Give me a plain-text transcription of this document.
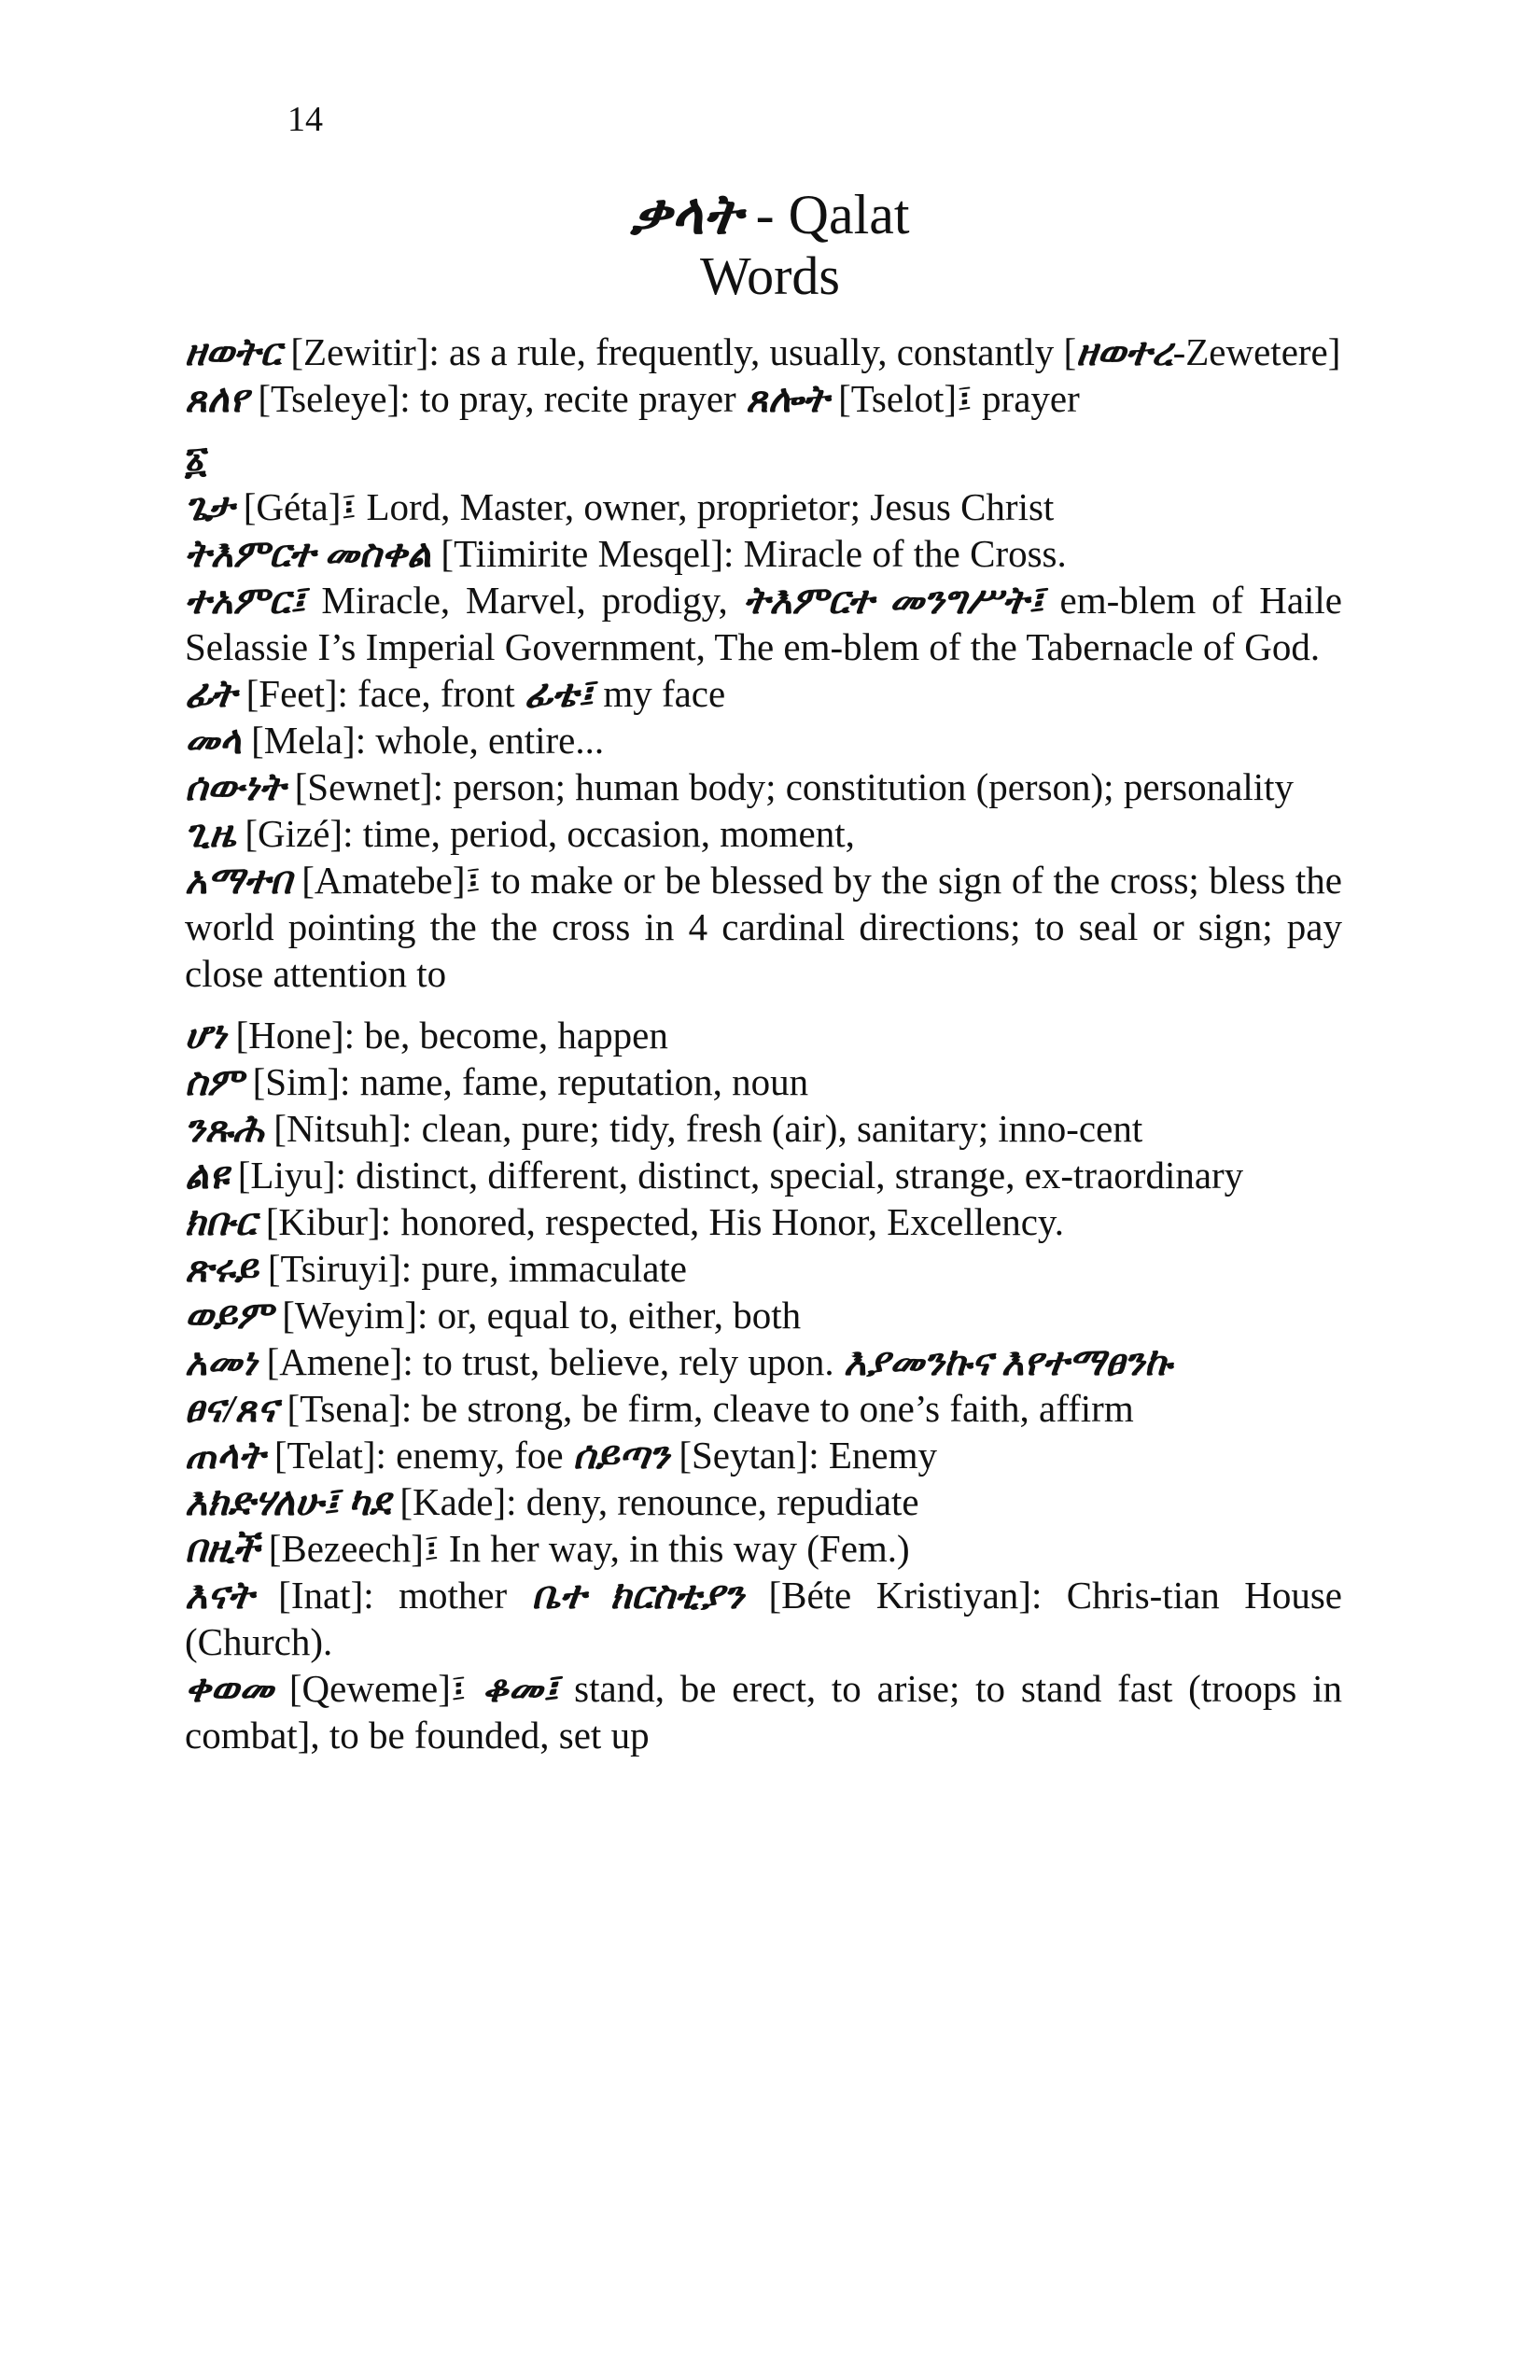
14
ቃላት - Qalat
Words

ዘወትር [Zewitir]: as a rule, frequently, usually, constantly [ዘወተረ-Zewetere]

ጸለየ [Tseleye]: to pray, recite prayer ጸሎት [Tselot]፤ prayer

፩

ጌታ [Géta]፤ Lord, Master, owner, proprietor; Jesus Christ

ትእምርተ መስቀል [Tiimirite Mesqel]: Miracle of the Cross.

ተአምር፤ Miracle, Marvel, prodigy, ትእምርተ መንግሥት፤ em-blem of Haile Selassie I’s Imperial Government, The em-blem of the Tabernacle of God.

ፊት [Feet]: face, front ፊቴ፤ my face

መላ [Mela]: whole, entire...

ሰውነት [Sewnet]: person; human body; constitution (person); personality

ጊዜ [Gizé]: time, period, occasion, moment,

አማተበ [Amatebe]፤ to make or be blessed by the sign of the cross; bless the world pointing the the cross in 4 cardinal directions; to seal or sign; pay close attention to

ሆነ [Hone]: be, become, happen

ስም [Sim]: name, fame, reputation, noun

ንጹሕ [Nitsuh]: clean, pure; tidy, fresh (air), sanitary; inno-cent

ልዩ [Liyu]: distinct, different, distinct, special, strange, ex-traordinary

ክቡር [Kibur]: honored, respected, His Honor, Excellency.

ጽሩይ [Tsiruyi]: pure, immaculate

ወይም [Weyim]: or, equal to, either, both

አመነ [Amene]: to trust, believe, rely upon. እያመንኩና እየተማፀንኩ

ፀና/ጸና [Tsena]: be strong, be firm, cleave to one’s faith, affirm

ጠላት [Telat]: enemy, foe ሰይጣን [Seytan]: Enemy

እክድሃለሁ፤ ካደ [Kade]: deny, renounce, repudiate

በዚች [Bezeech]፤ In her way, in this way (Fem.)

እናት [Inat]: mother ቤተ ክርስቲያን [Béte Kristiyan]: Chris-tian House (Church).

ቀወመ [Qeweme]፤ ቆመ፤ stand, be erect, to arise; to stand fast (troops in combat], to be founded, set up
